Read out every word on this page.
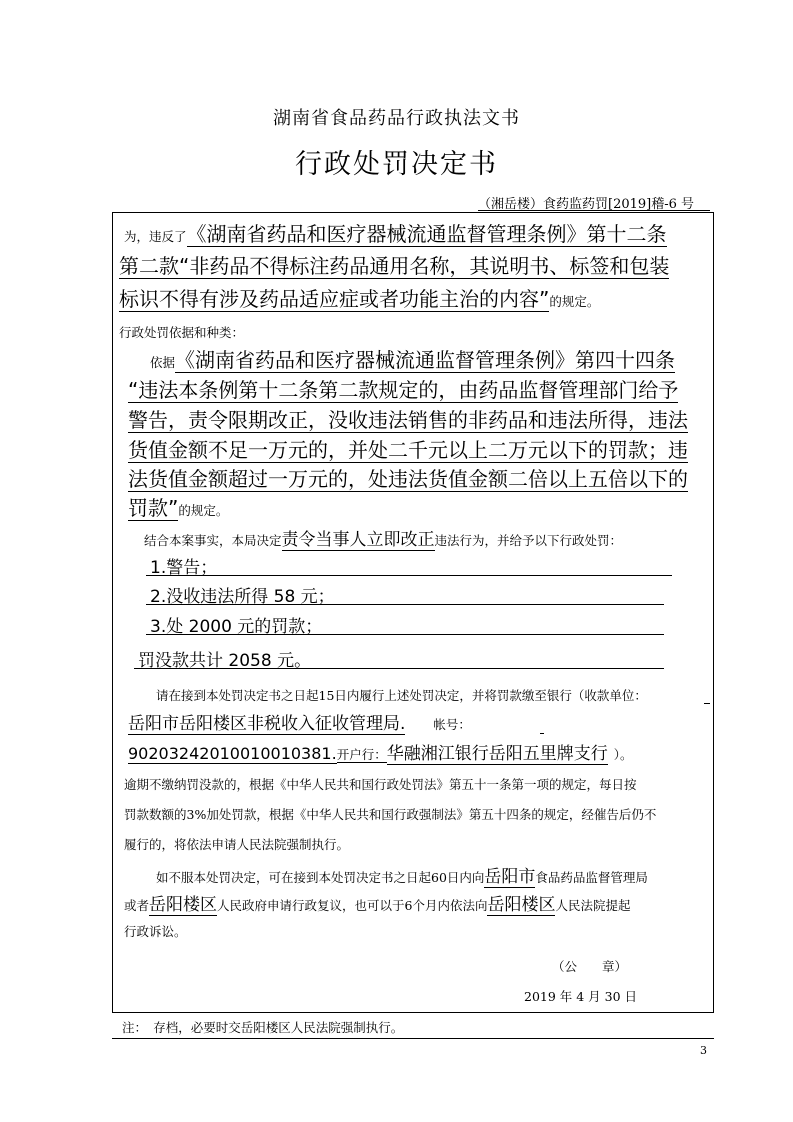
湖南省食品药品行政执法文书
行政处罚决定书
（湘岳楼）食药监药罚[2019]稽-6 号
为，违反了《湖南省药品和医疗器械流通监督管理条例》第十二条
第二款“非药品不得标注药品通用名称，其说明书、标签和包装
标识不得有涉及药品适应症或者功能主治的内容”的规定。
行政处罚依据和种类：
依据《湖南省药品和医疗器械流通监督管理条例》第四十四条
“违法本条例第十二条第二款规定的，由药品监督管理部门给予
警告，责令限期改正，没收违法销售的非药品和违法所得，违法
货值金额不足一万元的，并处二千元以上二万元以下的罚款；违
法货值金额超过一万元的，处违法货值金额二倍以上五倍以下的
罚款”的规定。
结合本案事实，本局决定责令当事人立即改正违法行为，并给予以下行政处罚：
1.警告；
2.没收违法所得 58 元；
3.处 2000 元的罚款；
罚没款共计 2058 元。
请在接到本处罚决定书之日起15日内履行上述处罚决定，并将罚款缴至银行（收款单位：
岳阳市岳阳楼区非税收入征收管理局. 帐号：
90203242010010010381.开户行：华融湘江银行岳阳五里牌支行 ）。
逾期不缴纳罚没款的，根据《中华人民共和国行政处罚法》第五十一条第一项的规定，每日按
罚款数额的3%加处罚款，根据《中华人民共和国行政强制法》第五十四条的规定，经催告后仍不
履行的，将依法申请人民法院强制执行。
如不服本处罚决定，可在接到本处罚决定书之日起60日内向岳阳市食品药品监督管理局
或者岳阳楼区人民政府申请行政复议，也可以于6个月内依法向岳阳楼区人民法院提起
行政诉讼。
（公　　章）
2019 年 4 月 30 日
注：　存档，必要时交岳阳楼区人民法院强制执行。
3
